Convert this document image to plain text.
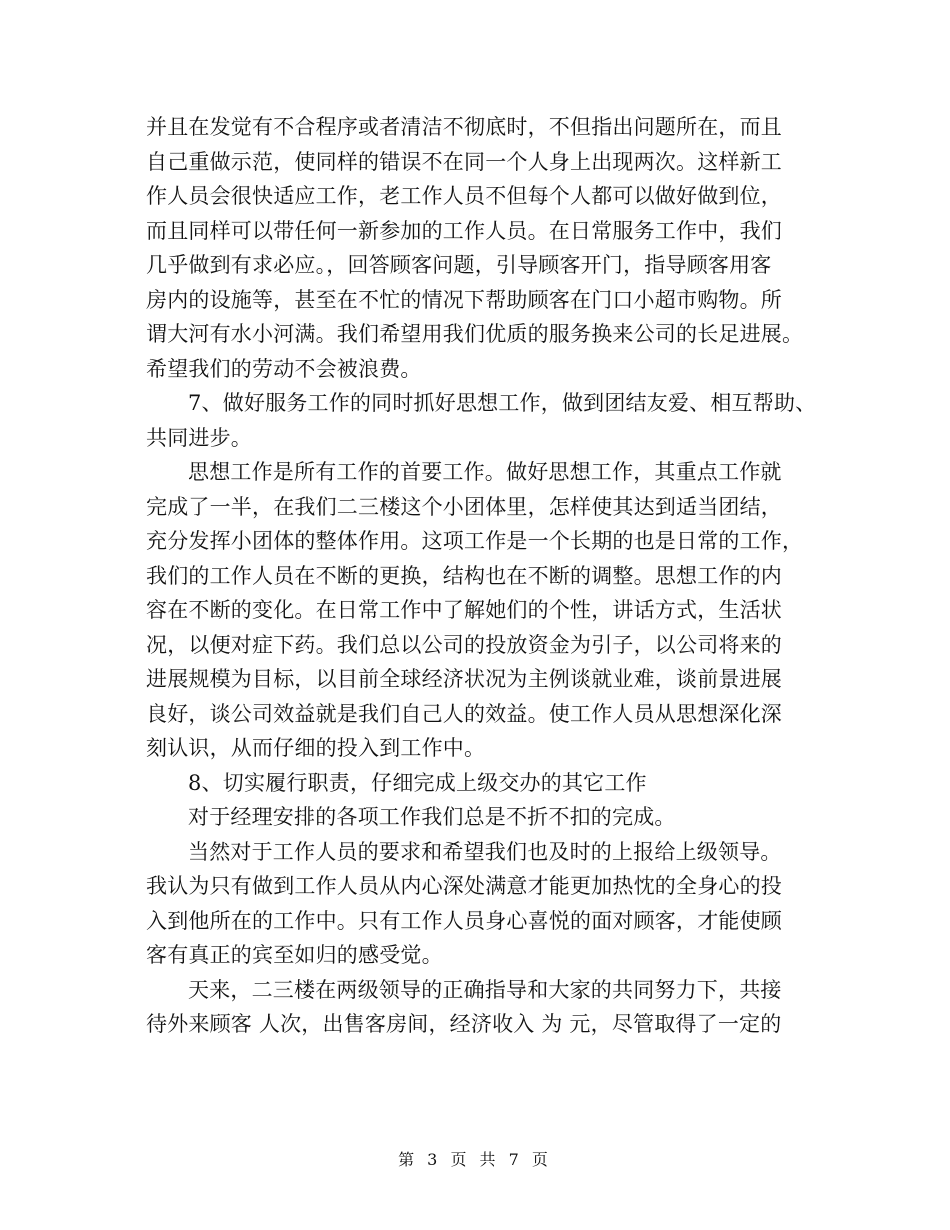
并且在发觉有不合程序或者清洁不彻底时，不但指出问题所在，而且
自己重做示范，使同样的错误不在同一个人身上出现两次。这样新工
作人员会很快适应工作，老工作人员不但每个人都可以做好做到位，
而且同样可以带任何一新参加的工作人员。在日常服务工作中，我们
几乎做到有求必应。，回答顾客问题，引导顾客开门，指导顾客用客
房内的设施等，甚至在不忙的情况下帮助顾客在门口小超市购物。所
谓大河有水小河满。我们希望用我们优质的服务换来公司的长足进展。
希望我们的劳动不会被浪费。
7、做好服务工作的同时抓好思想工作，做到团结友爱、相互帮助、
共同进步。
思想工作是所有工作的首要工作。做好思想工作，其重点工作就
完成了一半，在我们二三楼这个小团体里，怎样使其达到适当团结，
充分发挥小团体的整体作用。这项工作是一个长期的也是日常的工作，
我们的工作人员在不断的更换，结构也在不断的调整。思想工作的内
容在不断的变化。在日常工作中了解她们的个性，讲话方式，生活状
况，以便对症下药。我们总以公司的投放资金为引子，以公司将来的
进展规模为目标，以目前全球经济状况为主例谈就业难，谈前景进展
良好，谈公司效益就是我们自己人的效益。使工作人员从思想深化深
刻认识，从而仔细的投入到工作中。
8、切实履行职责，仔细完成上级交办的其它工作
对于经理安排的各项工作我们总是不折不扣的完成。
当然对于工作人员的要求和希望我们也及时的上报给上级领导。
我认为只有做到工作人员从内心深处满意才能更加热忱的全身心的投
入到他所在的工作中。只有工作人员身心喜悦的面对顾客，才能使顾
客有真正的宾至如归的感受觉。
天来，二三楼在两级领导的正确指导和大家的共同努力下，共接
待外来顾客 人次，出售客房间，经济收入 为 元，尽管取得了一定的
第 3 页 共 7 页
